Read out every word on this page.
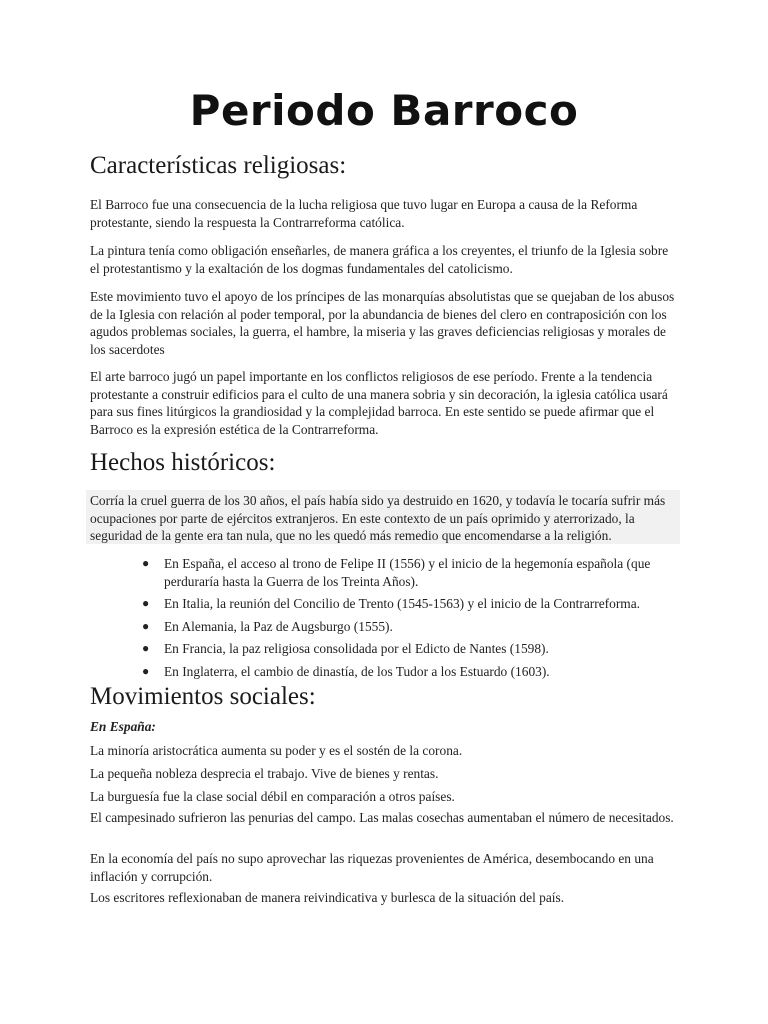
Periodo Barroco
Características religiosas:

El Barroco fue una consecuencia de la lucha religiosa que tuvo lugar en Europa a causa de la Reforma protestante, siendo la respuesta la Contrarreforma católica.

La pintura tenía como obligación enseñarles, de manera gráfica a los creyentes, el triunfo de la Iglesia sobre el protestantismo y la exaltación de los dogmas fundamentales del catolicismo.

Este movimiento tuvo el apoyo de los príncipes de las monarquías absolutistas que se quejaban de los abusos de la Iglesia con relación al poder temporal, por la abundancia de bienes del clero en contraposición con los agudos problemas sociales, la guerra, el hambre, la miseria y las graves deficiencias religiosas y morales de los sacerdotes

El arte barroco jugó un papel importante en los conflictos religiosos de ese período. Frente a la tendencia protestante a construir edificios para el culto de una manera sobria y sin decoración, la iglesia católica usará para sus fines litúrgicos la grandiosidad y la complejidad barroca. En este sentido se puede afirmar que el Barroco es la expresión estética de la Contrarreforma.

Hechos históricos:

Corría la cruel guerra de los 30 años, el país había sido ya destruido en 1620, y todavía le tocaría sufrir más ocupaciones por parte de ejércitos extranjeros. En este contexto de un país oprimido y aterrorizado, la seguridad de la gente era tan nula, que no les quedó más remedio que encomendarse a la religión.

● En España, el acceso al trono de Felipe II (1556) y el inicio de la hegemonía española (que perduraría hasta la Guerra de los Treinta Años).
● En Italia, la reunión del Concilio de Trento (1545-1563) y el inicio de la Contrarreforma.
● En Alemania, la Paz de Augsburgo (1555).
● En Francia, la paz religiosa consolidada por el Edicto de Nantes (1598).
● En Inglaterra, el cambio de dinastía, de los Tudor a los Estuardo (1603).
Movimientos sociales:

En España:

La minoría aristocrática aumenta su poder y es el sostén de la corona.

La pequeña nobleza desprecia el trabajo. Vive de bienes y rentas.

La burguesía fue la clase social débil en comparación a otros países.

El campesinado sufrieron las penurias del campo. Las malas cosechas aumentaban el número de necesitados.

En la economía del país no supo aprovechar las riquezas provenientes de América, desembocando en una inflación y corrupción.

Los escritores reflexionaban de manera reivindicativa y burlesca de la situación del país.
